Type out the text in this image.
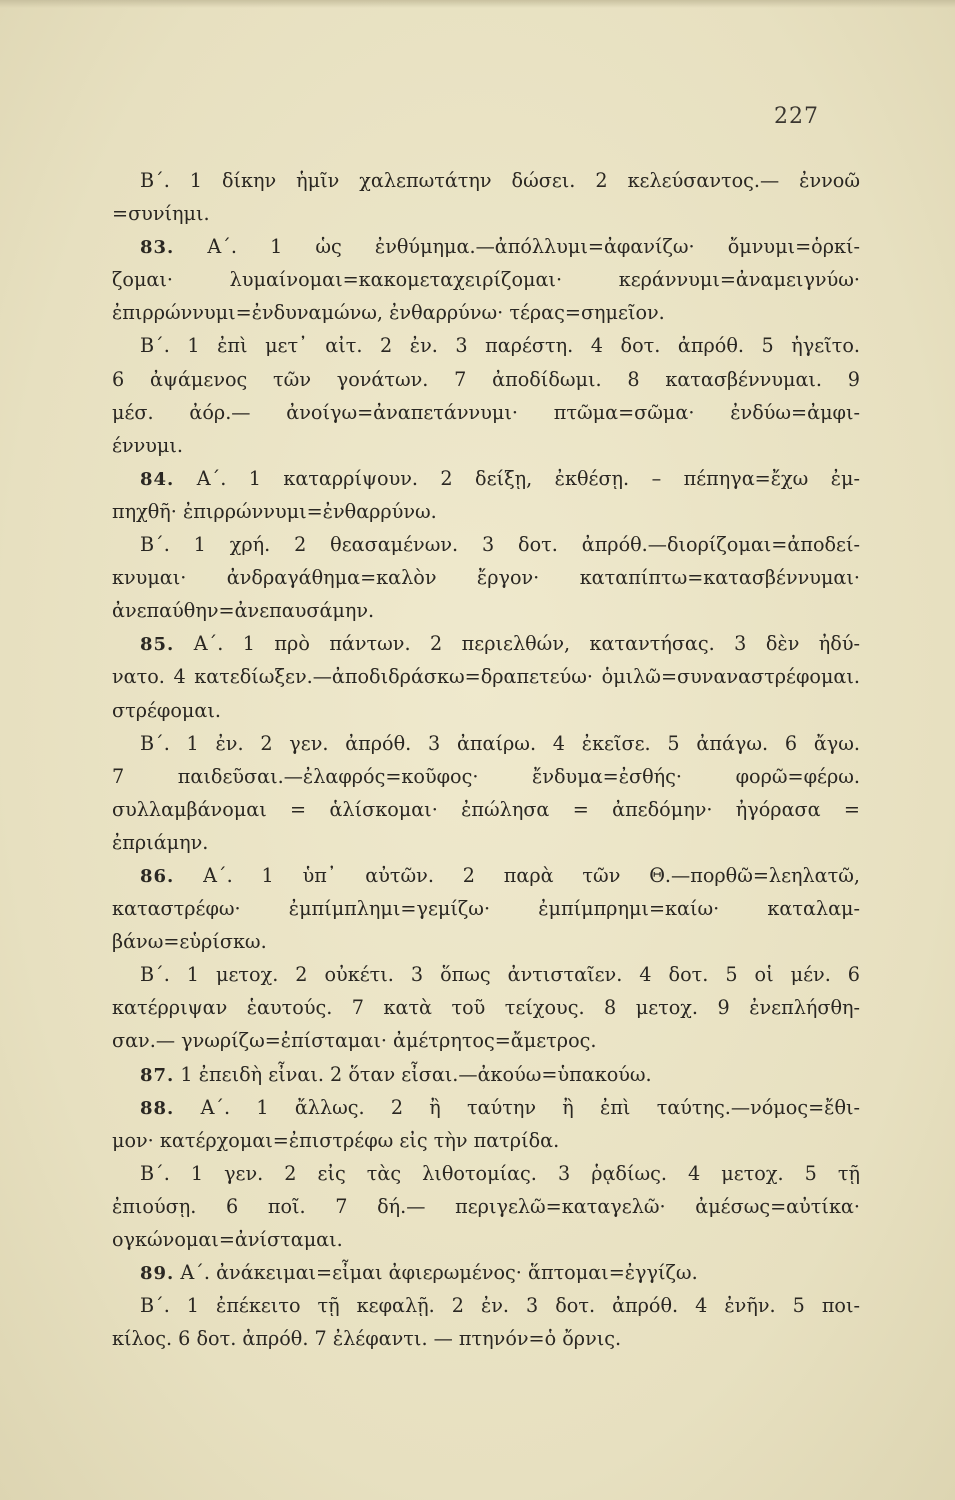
227
Β΄. 1 δίκην ἡμῖν χαλεπωτάτην δώσει. 2 κελεύσαντος.— ἐννοῶ
=συνίημι.
83. Α΄. 1 ὡς ἐνθύμημα.—ἀπόλλυμι=ἀφανίζω· ὄμνυμι=ὁρκί-
ζομαι· λυμαίνομαι=κακομεταχειρίζομαι· κεράννυμι=ἀναμειγνύω·
ἐπιρρώννυμι=ἐνδυναμώνω, ἐνθαρρύνω· τέρας=σημεῖον.
Β΄. 1 ἐπὶ μετ᾽ αἰτ. 2 ἐν. 3 παρέστη. 4 δοτ. ἀπρόθ. 5 ἡγεῖτο.
6 ἀψάμενος τῶν γονάτων. 7 ἀποδίδωμι. 8 κατασβέννυμαι. 9
μέσ. ἀόρ.— ἀνοίγω=ἀναπετάννυμι· πτῶμα=σῶμα· ἐνδύω=ἀμφι-
έννυμι.
84. Α΄. 1 καταρρίψουν. 2 δείξῃ, ἐκθέσῃ. – πέπηγα=ἔχω ἐμ-
πηχθῆ· ἐπιρρώννυμι=ἐνθαρρύνω.
Β΄. 1 χρή. 2 θεασαμένων. 3 δοτ. ἀπρόθ.—διορίζομαι=ἀποδεί-
κνυμαι· ἀνδραγάθημα=καλὸν ἔργον· καταπίπτω=κατασβέννυμαι·
ἀνεπαύθην=ἀνεπαυσάμην.
85. Α΄. 1 πρὸ πάντων. 2 περιελθών, καταντήσας. 3 δὲν ἠδύ-
νατο. 4 κατεδίωξεν.—ἀποδιδράσκω=δραπετεύω· ὁμιλῶ=συναναστρέφομαι.
στρέφομαι.
Β΄. 1 ἐν. 2 γεν. ἀπρόθ. 3 ἀπαίρω. 4 ἐκεῖσε. 5 ἀπάγω. 6 ἄγω.
7 παιδεῦσαι.—ἐλαφρός=κοῦφος· ἔνδυμα=ἐσθής· φορῶ=φέρω.
συλλαμβάνομαι = ἁλίσκομαι· ἐπώλησα = ἀπεδόμην· ἠγόρασα =
ἐπριάμην.
86. Α΄. 1 ὑπ᾽ αὐτῶν. 2 παρὰ τῶν Θ.—πορθῶ=λεηλατῶ,
καταστρέφω· ἐμπίμπλημι=γεμίζω· ἐμπίμπρημι=καίω· καταλαμ-
βάνω=εὑρίσκω.
Β΄. 1 μετοχ. 2 οὐκέτι. 3 ὅπως ἀντισταῖεν. 4 δοτ. 5 οἱ μέν. 6
κατέρριψαν ἑαυτούς. 7 κατὰ τοῦ τείχους. 8 μετοχ. 9 ἐνεπλήσθη-
σαν.— γνωρίζω=ἐπίσταμαι· ἀμέτρητος=ἄμετρος.
87. 1 ἐπειδὴ εἶναι. 2 ὅταν εἶσαι.—ἀκούω=ὑπακούω.
88. Α΄. 1 ἄλλως. 2 ἢ ταύτην ἢ ἐπὶ ταύτης.—νόμος=ἔθι-
μον· κατέρχομαι=ἐπιστρέφω εἰς τὴν πατρίδα.
Β΄. 1 γεν. 2 εἰς τὰς λιθοτομίας. 3 ῥᾳδίως. 4 μετοχ. 5 τῇ
ἐπιούσῃ. 6 ποῖ. 7 δή.— περιγελῶ=καταγελῶ· ἀμέσως=αὐτίκα·
ογκώνομαι=ἀνίσταμαι.
89. Α΄. ἀνάκειμαι=εἶμαι ἀφιερωμένος· ἅπτομαι=ἐγγίζω.
Β΄. 1 ἐπέκειτο τῇ κεφαλῇ. 2 ἐν. 3 δοτ. ἀπρόθ. 4 ἐνῆν. 5 ποι-
κίλος. 6 δοτ. ἀπρόθ. 7 ἐλέφαντι. — πτηνόν=ὁ ὄρνις.
